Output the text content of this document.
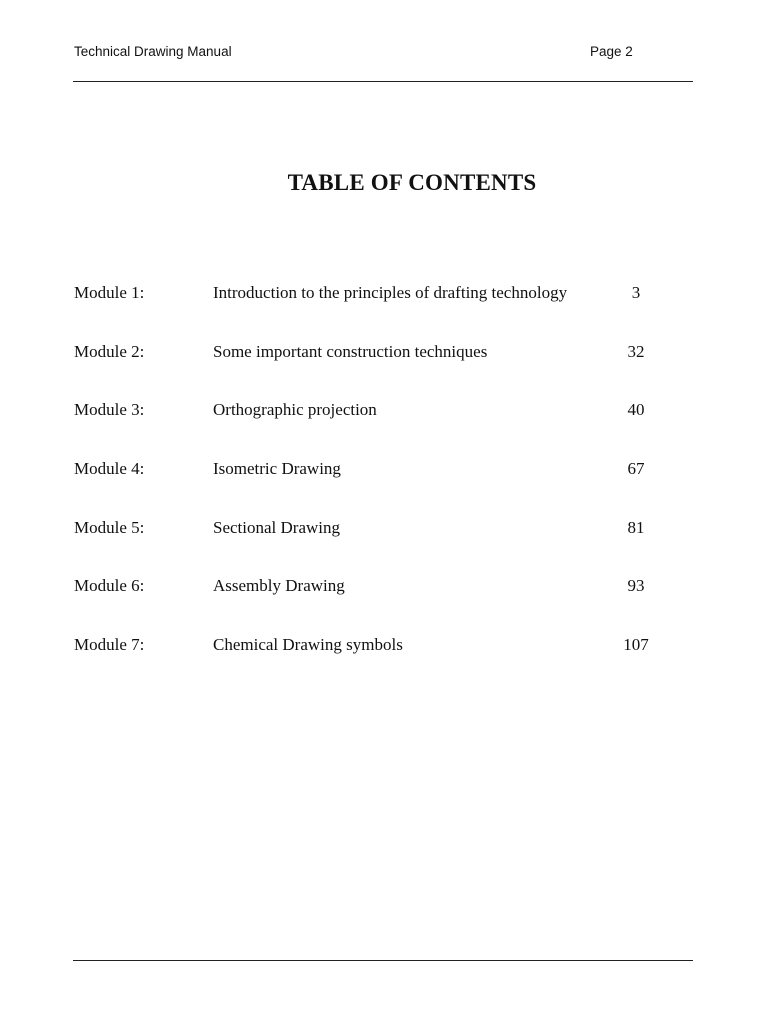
Technical Drawing Manual	Page 2
TABLE OF CONTENTS
Module 1:	Introduction to the principles of drafting technology	3
Module 2:	Some important construction techniques	32
Module 3:	Orthographic projection	40
Module 4:	Isometric Drawing	67
Module 5:	Sectional Drawing	81
Module 6:	Assembly Drawing	93
Module 7:	Chemical Drawing symbols	107
